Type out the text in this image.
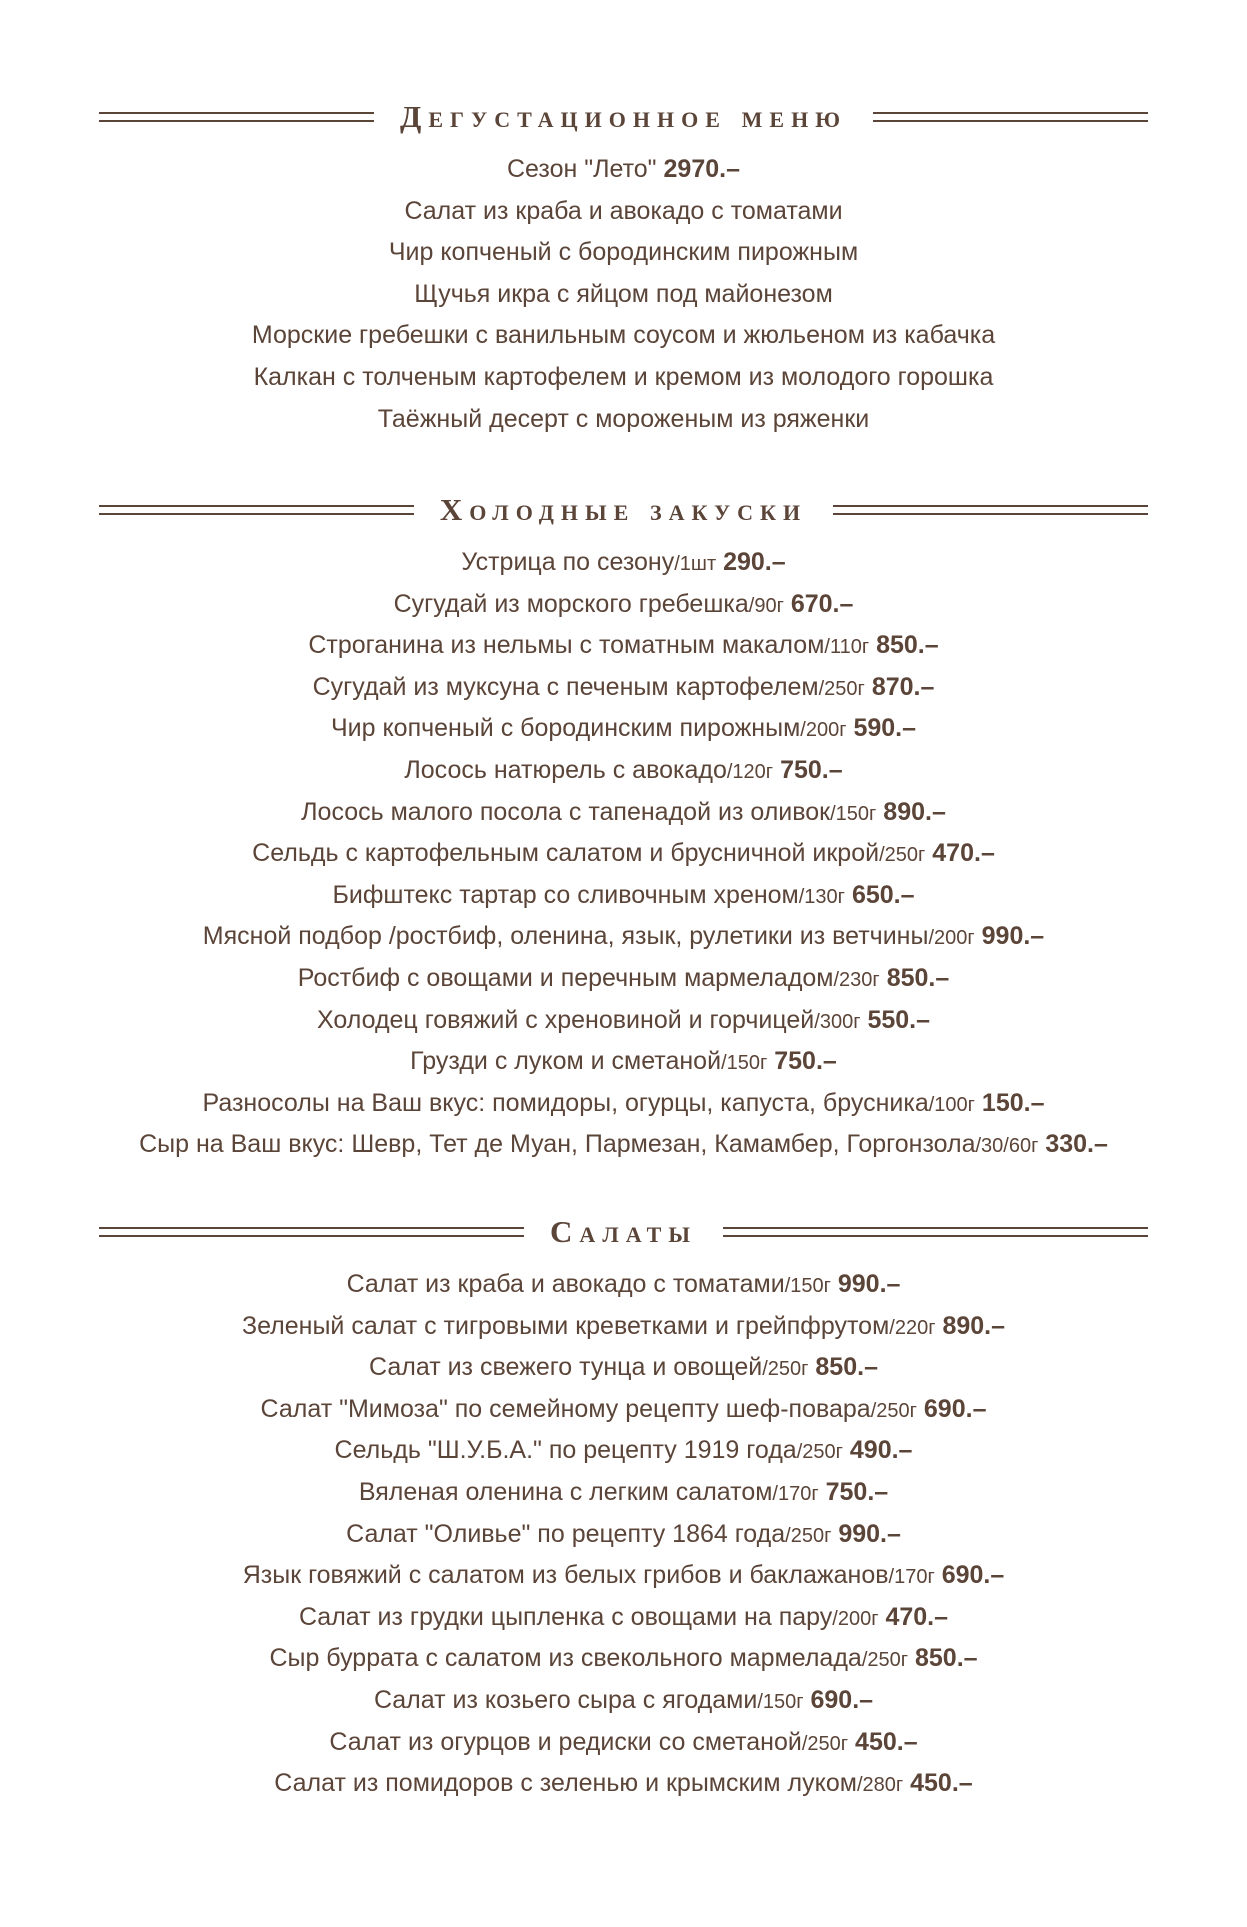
Дегустационное меню
Сезон "Лето" 2970.–
Салат из краба и авокадо с томатами
Чир копченый с бородинским пирожным
Щучья икра с яйцом под майонезом
Морские гребешки с ванильным соусом и жюльеном из кабачка
Калкан с толченым картофелем и кремом из молодого горошка
Таёжный десерт с мороженым из ряженки
Холодные закуски
Устрица по сезону/1шт 290.–
Сугудай из морского гребешка/90г 670.–
Строганина из нельмы с томатным макалом/110г 850.–
Сугудай из муксуна с печеным картофелем/250г 870.–
Чир копченый с бородинским пирожным/200г 590.–
Лосось натюрель с авокадо/120г 750.–
Лосось малого посола с тапенадой из оливок/150г 890.–
Сельдь с картофельным салатом и брусничной икрой/250г 470.–
Бифштекс тартар со сливочным хреном/130г 650.–
Мясной подбор /ростбиф, оленина, язык, рулетики из ветчины/200г 990.–
Ростбиф с овощами и перечным мармеладом/230г 850.–
Холодец говяжий с хреновиной и горчицей/300г 550.–
Грузди с луком и сметаной/150г 750.–
Разносолы на Ваш вкус: помидоры, огурцы, капуста, брусника/100г 150.–
Сыр на Ваш вкус: Шевр, Тет де Муан, Пармезан, Камамбер, Горгонзола/30/60г 330.–
Салаты
Салат из краба и авокадо с томатами/150г 990.–
Зеленый салат с тигровыми креветками и грейпфрутом/220г 890.–
Салат из свежего тунца и овощей/250г 850.–
Салат "Мимоза" по семейному рецепту шеф-повара/250г 690.–
Сельдь "Ш.У.Б.А." по рецепту 1919 года/250г 490.–
Вяленая оленина с легким салатом/170г 750.–
Салат "Оливье" по рецепту 1864 года/250г 990.–
Язык говяжий с салатом из белых грибов и баклажанов/170г 690.–
Салат из грудки цыпленка с овощами на пару/200г 470.–
Сыр буррата с салатом из свекольного мармелада/250г 850.–
Салат из козьего сыра с ягодами/150г 690.–
Салат из огурцов и редиски со сметаной/250г 450.–
Салат из помидоров с зеленью и крымским луком/280г 450.–
